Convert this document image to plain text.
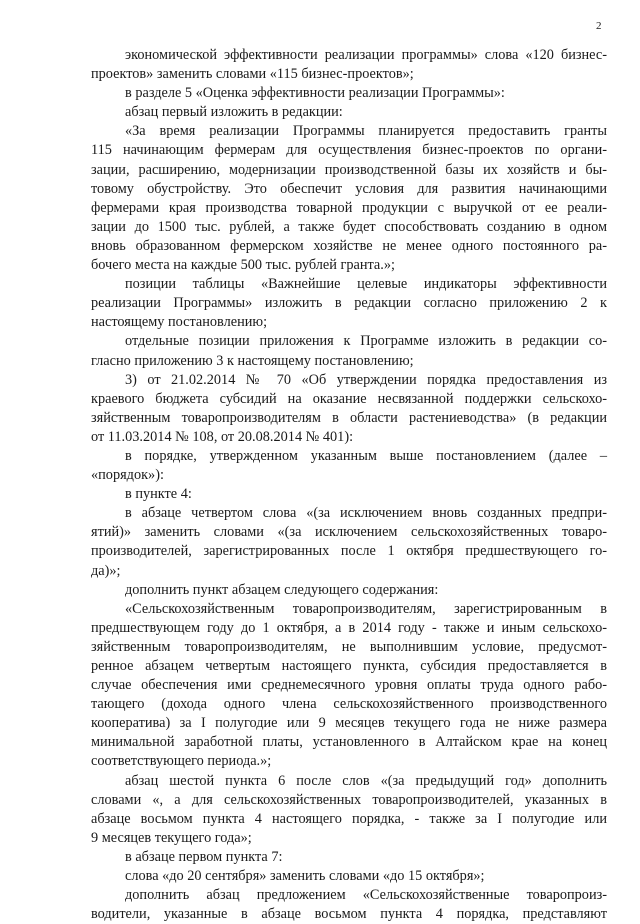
2
экономической эффективности реализации программы» слова «120 бизнес-
проектов» заменить словами «115 бизнес-проектов»;
в разделе 5 «Оценка эффективности реализации Программы»:
абзац первый изложить в редакции:
«За время реализации Программы планируется предоставить гранты
115 начинающим фермерам для осуществления бизнес-проектов по органи-
зации, расширению, модернизации производственной базы их хозяйств и бы-
товому обустройству. Это обеспечит условия для развития начинающими
фермерами края производства товарной продукции с выручкой от ее реали-
зации до 1500 тыс. рублей, а также будет способствовать созданию в одном
вновь образованном фермерском хозяйстве не менее одного постоянного ра-
бочего места на каждые 500 тыс. рублей гранта.»;
позиции таблицы «Важнейшие целевые индикаторы эффективности
реализации Программы» изложить в редакции согласно приложению 2 к
настоящему постановлению;
отдельные позиции приложения к Программе изложить в редакции со-
гласно приложению 3 к настоящему постановлению;
3) от 21.02.2014 № 70 «Об утверждении порядка предоставления из
краевого бюджета субсидий на оказание несвязанной поддержки сельскохо-
зяйственным товаропроизводителям в области растениеводства» (в редакции
от 11.03.2014 № 108, от 20.08.2014 № 401):
в порядке, утвержденном указанным выше постановлением (далее –
«порядок»):
в пункте 4:
в абзаце четвертом слова «(за исключением вновь созданных предпри-
ятий)» заменить словами «(за исключением сельскохозяйственных товаро-
производителей, зарегистрированных после 1 октября предшествующего го-
да)»;
дополнить пункт абзацем следующего содержания:
«Сельскохозяйственным товаропроизводителям, зарегистрированным в
предшествующем году до 1 октября, а в 2014 году - также и иным сельскохо-
зяйственным товаропроизводителям, не выполнившим условие, предусмот-
ренное абзацем четвертым настоящего пункта, субсидия предоставляется в
случае обеспечения ими среднемесячного уровня оплаты труда одного рабо-
тающего (дохода одного члена сельскохозяйственного производственного
кооператива) за I полугодие или 9 месяцев текущего года не ниже размера
минимальной заработной платы, установленного в Алтайском крае на конец
соответствующего периода.»;
абзац шестой пункта 6 после слов «(за предыдущий год» дополнить
словами «, а для сельскохозяйственных товаропроизводителей, указанных в
абзаце восьмом пункта 4 настоящего порядка, - также за I полугодие или
9 месяцев текущего года»;
в абзаце первом пункта 7:
слова «до 20 сентября» заменить словами «до 15 октября»;
дополнить абзац предложением «Сельскохозяйственные товаропроиз-
водители, указанные в абзаце восьмом пункта 4 порядка, представляют
